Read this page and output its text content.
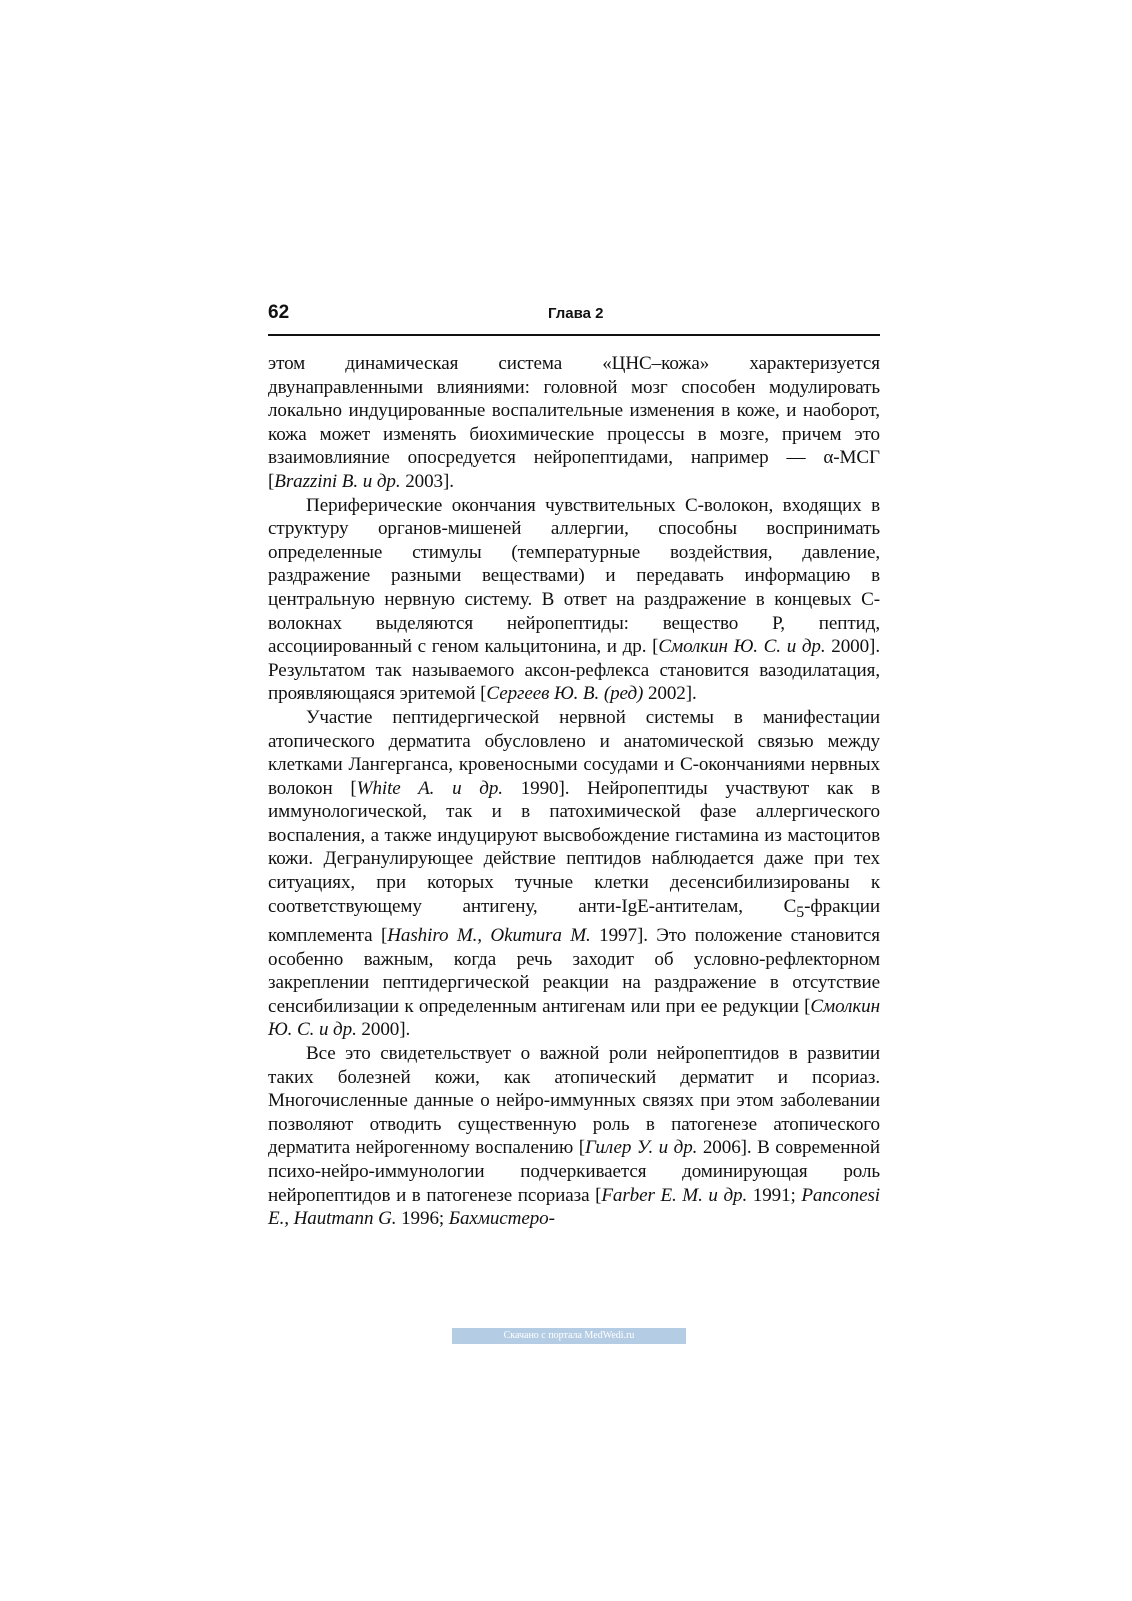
62	Глава 2

этом динамическая система «ЦНС–кожа» характеризуется двунаправленными влияниями: головной мозг способен модулировать локально индуцированные воспалительные изменения в коже, и наоборот, кожа может изменять биохимические процессы в мозге, причем это взаимовлияние опосредуется нейропептидами, например — α-МСГ [Brazzini B. и др. 2003].

Периферические окончания чувствительных С-волокон, входящих в структуру органов-мишеней аллергии, способны воспринимать определенные стимулы (температурные воздействия, давление, раздражение разными веществами) и передавать информацию в центральную нервную систему. В ответ на раздражение в концевых С-волокнах выделяются нейропептиды: вещество Р, пептид, ассоциированный с геном кальцитонина, и др. [Смолкин Ю. С. и др. 2000]. Результатом так называемого аксон-рефлекса становится вазодилатация, проявляющаяся эритемой [Сергеев Ю. В. (ред) 2002].

Участие пептидергической нервной системы в манифестации атопического дерматита обусловлено и анатомической связью между клетками Лангерганса, кровеносными сосудами и С-окончаниями нервных волокон [White A. и др. 1990]. Нейропептиды участвуют как в иммунологической, так и в патохимической фазе аллергического воспаления, а также индуцируют высвобождение гистамина из мастоцитов кожи. Дегранулирующее действие пептидов наблюдается даже при тех ситуациях, при которых тучные клетки десенсибилизированы к соответствующему антигену, анти-IgE-антителам, $C_5$-фракции комплемента [Hashiro M., Okumura M. 1997]. Это положение становится особенно важным, когда речь заходит об условно-рефлекторном закреплении пептидергической реакции на раздражение в отсутствие сенсибилизации к определенным антигенам или при ее редукции [Смолкин Ю. С. и др. 2000].

Все это свидетельствует о важной роли нейропептидов в развитии таких болезней кожи, как атопический дерматит и псориаз. Многочисленные данные о нейро-иммунных связях при этом заболевании позволяют отводить существенную роль в патогенезе атопического дерматита нейрогенному воспалению [Гилер У. и др. 2006]. В современной психо-нейро-иммунологии подчеркивается доминирующая роль нейропептидов и в патогенезе псориаза [Farber E. M. и др. 1991; Panconesi E., Hautmann G. 1996; Бахмистеро-

Скачано с портала MedWedi.ru
